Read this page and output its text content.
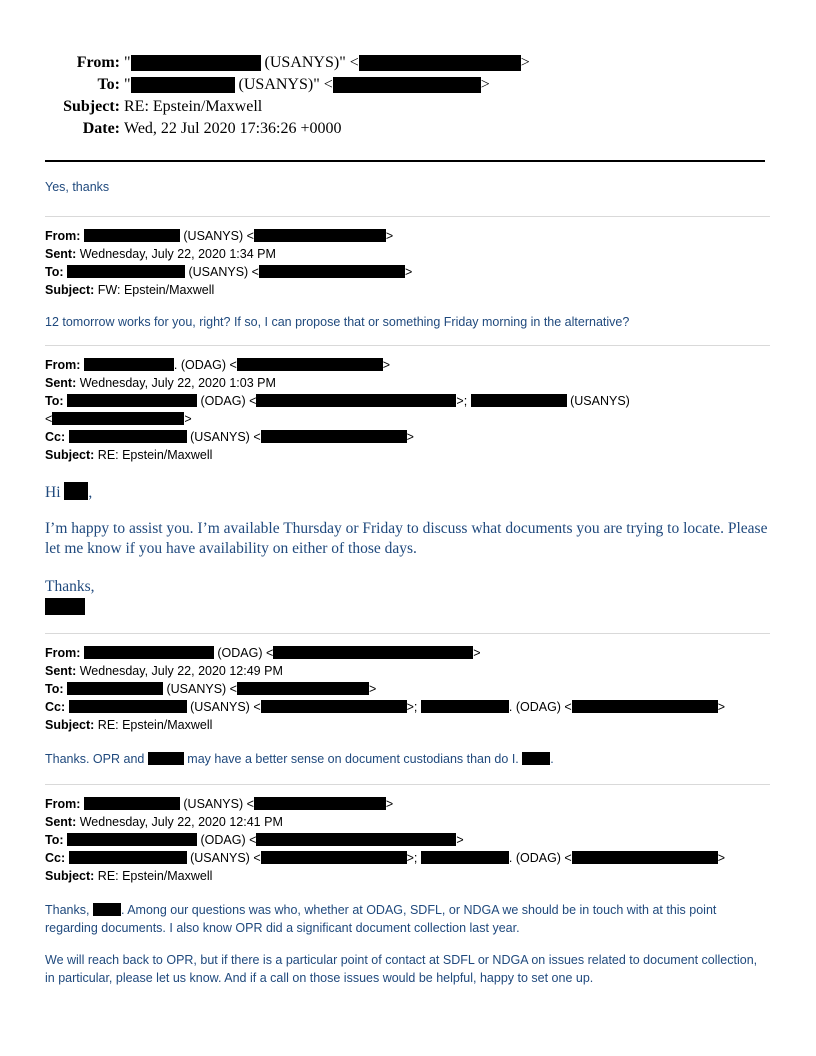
From: "	(USANYS)" <	>
To: "	(USANYS)" <	>
Subject: RE: Epstein/Maxwell
Date: Wed, 22 Jul 2020 17:36:26 +0000
Yes, thanks
From:	(USANYS) <	>
Sent: Wednesday, July 22, 2020 1:34 PM
To:	(USANYS) <	>
Subject: FW: Epstein/Maxwell
12 tomorrow works for you, right? If so, I can propose that or something Friday morning in the alternative?
From:	. (ODAG) <	>
Sent: Wednesday, July 22, 2020 1:03 PM
To:	(ODAG) <	>;	(USANYS)
<	>
Cc:	(USANYS) <	>
Subject: RE: Epstein/Maxwell
Hi ,
I’m happy to assist you. I’m available Thursday or Friday to discuss what documents you are trying to locate. Please let me know if you have availability on either of those days.
Thanks,
From:	(ODAG) <	>
Sent: Wednesday, July 22, 2020 12:49 PM
To:	(USANYS) <	>
Cc:	(USANYS) <	>;	. (ODAG) <	>
Subject: RE: Epstein/Maxwell
Thanks. OPR and	may have a better sense on document custodians than do I. .
From:	(USANYS) <	>
Sent: Wednesday, July 22, 2020 12:41 PM
To:	(ODAG) <	>
Cc:	(USANYS) <	>;	. (ODAG) <	>
Subject: RE: Epstein/Maxwell
Thanks, . Among our questions was who, whether at ODAG, SDFL, or NDGA we should be in touch with at this point regarding documents. I also know OPR did a significant document collection last year.
We will reach back to OPR, but if there is a particular point of contact at SDFL or NDGA on issues related to document collection, in particular, please let us know. And if a call on those issues would be helpful, happy to set one up.
